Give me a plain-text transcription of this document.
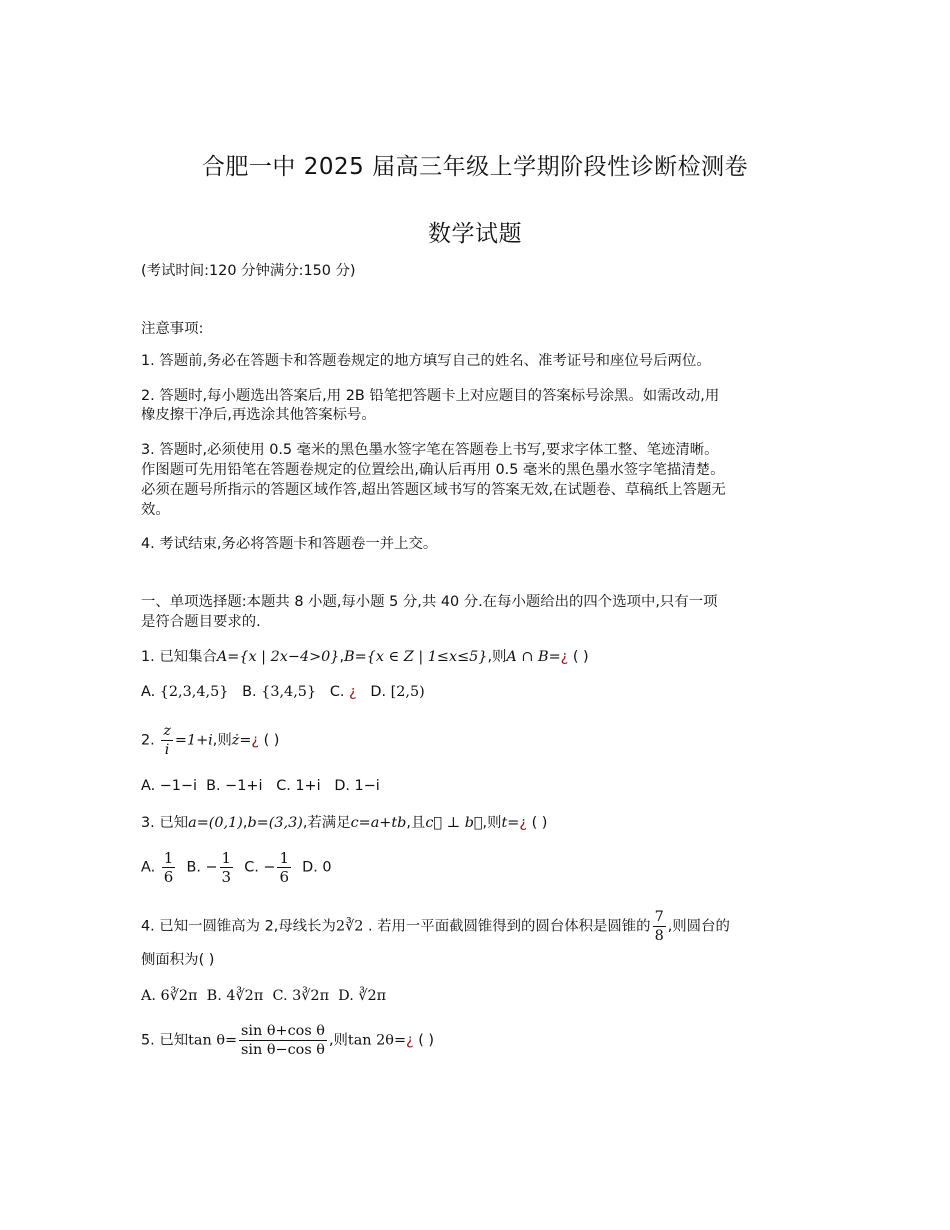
合肥一中 2025 届高三年级上学期阶段性诊断检测卷
数学试题
(考试时间:120 分钟满分:150 分)
注意事项:
1. 答题前,务必在答题卡和答题卷规定的地方填写自己的姓名、准考证号和座位号后两位。
2. 答题时,每小题选出答案后,用 2B 铅笔把答题卡上对应题目的答案标号涂黑。如需改动,用
橡皮擦干净后,再选涂其他答案标号。
3. 答题时,必须使用 0.5 毫米的黑色墨水签字笔在答题卷上书写,要求字体工整、笔迹清晰。
作图题可先用铅笔在答题卷规定的位置绘出,确认后再用 0.5 毫米的黑色墨水签字笔描清楚。
必须在题号所指示的答题区域作答,超出答题区域书写的答案无效,在试题卷、草稿纸上答题无
效。
4. 考试结束,务必将答题卡和答题卷一并上交。
一、单项选择题:本题共 8 小题,每小题 5 分,共 40 分.在每小题给出的四个选项中,只有一项
是符合题目要求的.
1. 已知集合A={x | 2x−4>0},B={x ∈ Z | 1≤x≤5},则A ∩ B=¿ ( )
A. {2,3,4,5}   B. {3,4,5}   C. ¿   D. [2,5)
2. $\frac{z}{i} =1+i$,则ż=¿ ( )
A. −1−i  B. −1+i   C. 1+i   D. 1−i
3. 已知a=(0,1),b=(3,3),若满足c=a+tb,且c⃗ ⊥ b⃗,则t=¿ ( )
A. $\frac{1}{6} B$. − $\frac{1}{3} C$. − $\frac{1}{6} D$. 0
4. 已知一圆锥高为 2,母线长为2∛2 . 若用一平面截圆锥得到的圆台体积是圆锥的 $\frac{7}{8}$ ,则圆台的
侧面积为( )
A. 6∛2π  B. 4∛2π  C. 3∛2π  D. ∛2π
5. 已知$\tan \theta= \frac{\text{sin θ+cos θ}}{\text{sin θ−cos θ}}$ ,则tan 2θ=¿ ( )
